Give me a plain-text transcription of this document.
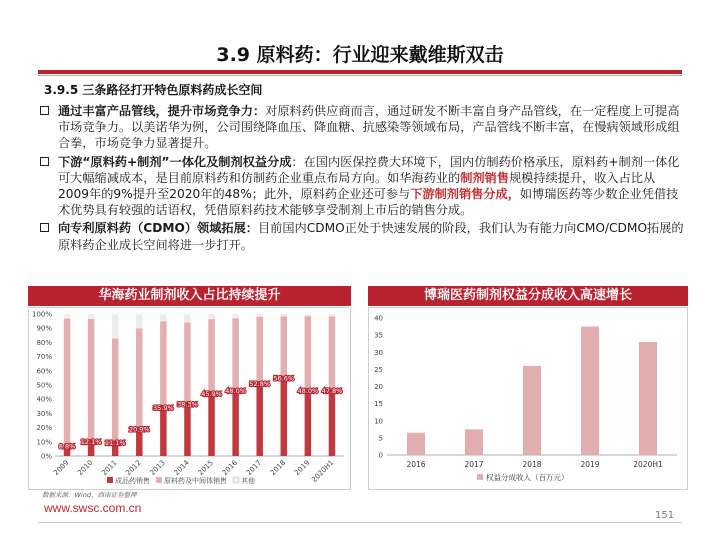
3.9 原料药：行业迎来戴维斯双击
3.9.5 三条路径打开特色原料药成长空间
通过丰富产品管线，提升市场竞争力：对原料药供应商而言，通过研发不断丰富自身产品管线，在一定程度上可提高市场竞争力。以美诺华为例，公司围绕降血压、降血糖、抗感染等领域布局，产品管线不断丰富，在慢病领域形成组合拳，市场竞争力显著提升。
下游“原料药+制剂”一体化及制剂权益分成：在国内医保控费大环境下，国内仿制药价格承压，原料药+制剂一体化可大幅缩减成本，是目前原料药和仿制药企业重点布局方向。如华海药业的制剂销售规模持续提升，收入占比从2009年的9%提升至2020年的48%；此外，原料药企业还可参与下游制剂销售分成，如博瑞医药等少数企业凭借技术优势具有较强的话语权，凭借原料药技术能够享受制剂上市后的销售分成。
向专利原料药（CDMO）领域拓展：目前国内CDMO正处于快速发展的阶段，我们认为有能力向CMO/CDMO拓展的原料药企业成长空间将进一步打开。
华海药业制剂收入占比持续提升	博瑞医药制剂权益分成收入高速增长
0%
10%
20%
30%
40%
50%
60%
70%
80%
90%
100%
8.8%
2009
12.1%
2010
11.1%
2011
20.9%
2012
35.9%
2013
38.3%
2014
45.9%
2015
48.0%
2016
52.8%
2017
56.6%
2018
48.0%
2019
47.8%
2020H1
成品药销售 原料药及中间体销售 其他
0
5
10
15
20
25
30
35
40
2016	2017	2018	2019	2020H1
权益分成收入（百万元）
数据来源：Wind，西南证券整理
www.swsc.com.cn
151
